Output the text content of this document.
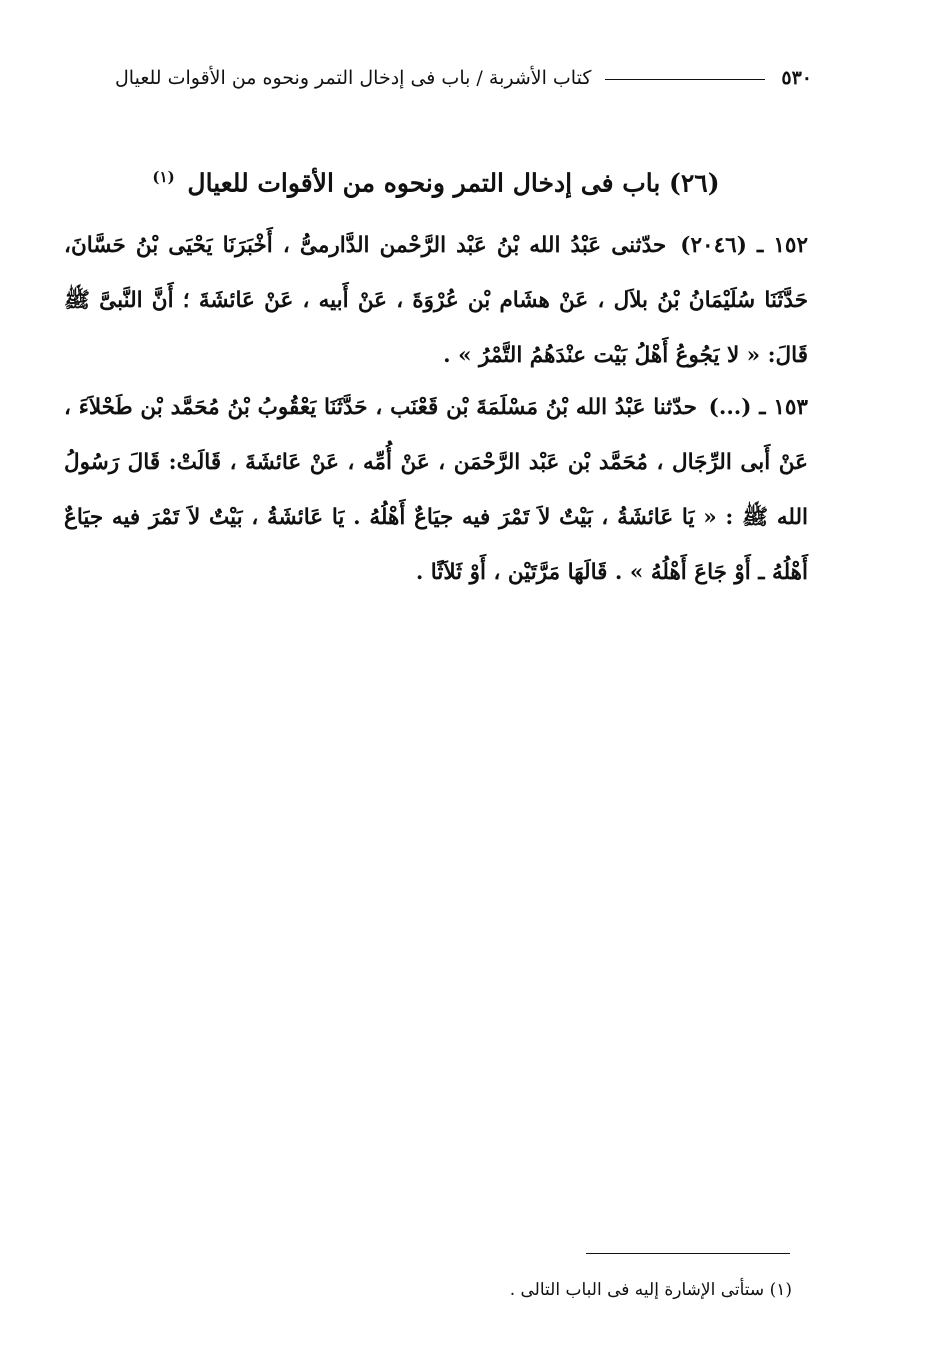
٥٣٠
كتاب الأشربة / باب فى إدخال التمر ونحوه من الأقوات للعيال
(٢٦) باب فى إدخال التمر ونحوه من الأقوات للعيال $^{(١)}$
١٥٢ ـ (٢٠٤٦) حدّثنى عَبْدُ الله بْنُ عَبْد الرَّحْمن الدَّارمىُّ ، أَخْبَرَنَا يَحْيَى بْنُ حَسَّانَ، حَدَّثَنَا سُلَيْمَانُ بْنُ بلاَل ، عَنْ هشَام بْن عُرْوَةَ ، عَنْ أَبيه ، عَنْ عَائشَةَ ؛ أَنَّ النَّبىَّ ﷺ قَالَ: « لا يَجُوعُ أَهْلُ بَيْت عنْدَهُمُ التَّمْرُ » .
١٥٣ ـ (...) حدّثنا عَبْدُ الله بْنُ مَسْلَمَةَ بْن قَعْنَب ، حَدَّثَنَا يَعْقُوبُ بْنُ مُحَمَّد بْن طَحْلاَءَ ، عَنْ أَبى الرِّجَال ، مُحَمَّد بْن عَبْد الرَّحْمَن ، عَنْ أُمِّه ، عَنْ عَائشَةَ ، قَالَتْ: قَالَ رَسُولُ الله ﷺ : « يَا عَائشَةُ ، بَيْتٌ لاَ تَمْرَ فيه جيَاعٌ أَهْلُهُ . يَا عَائشَةُ ، بَيْتٌ لاَ تَمْرَ فيه جيَاعٌ أَهْلُهُ ـ أَوْ جَاعَ أَهْلُهُ » . قَالَهَا مَرَّتَيْن ، أَوْ ثَلاَثًا .
(١) ستأتى الإشارة إليه فى الباب التالى .
